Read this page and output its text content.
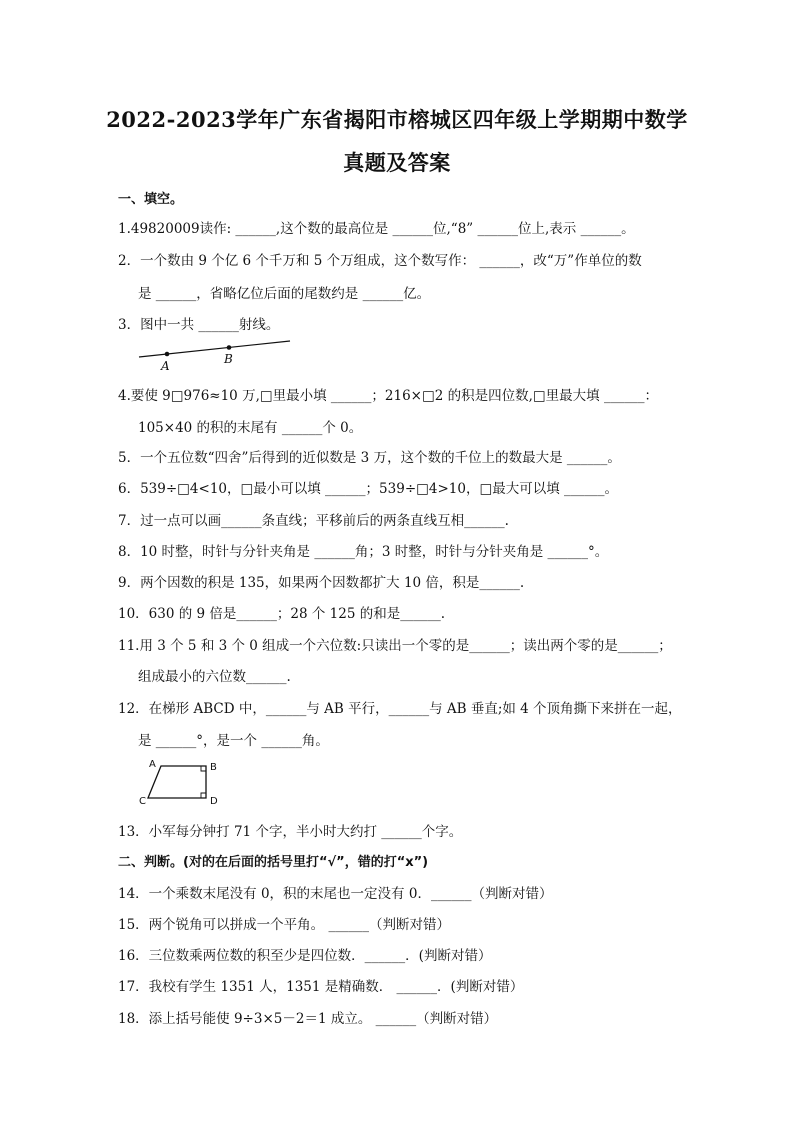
2022-2023学年广东省揭阳市榕城区四年级上学期期中数学
真题及答案
一、填空。
1.49820009读作: ______,这个数的最高位是 ______位,“8” ______位上,表示 ______。
2．一个数由 9 个亿 6 个千万和 5 个万组成，这个数写作： ______，改“万”作单位的数
是 ______，省略亿位后面的尾数约是 ______亿。
3．图中一共 ______射线。
A	B
4.要使 9□976≈10 万,□里最小填 ______；216×□2 的积是四位数,□里最大填 ______：
105×40 的积的末尾有 ______个 0。
5．一个五位数“四舍”后得到的近似数是 3 万，这个数的千位上的数最大是 ______。
6．539÷□4<10，□最小可以填 ______；539÷□4>10，□最大可以填 ______。
7．过一点可以画______条直线；平移前后的两条直线互相______.
8．10 时整，时针与分针夹角是 ______角；3 时整，时针与分针夹角是 ______°。
9．两个因数的积是 135，如果两个因数都扩大 10 倍，积是______.
10．630 的 9 倍是______；28 个 125 的和是______.
11.用 3 个 5 和 3 个 0 组成一个六位数:只读出一个零的是______；读出两个零的是______；
组成最小的六位数______.
12．在梯形 ABCD 中，______与 AB 平行，______与 AB 垂直;如 4 个顶角撕下来拼在一起，
是 ______°，是一个 ______角。
A	B
C	D
13．小军每分钟打 71 个字，半小时大约打 ______个字。
二、判断。(对的在后面的括号里打“√”，错的打“x”)
14．一个乘数末尾没有 0，积的末尾也一定没有 0．______（判断对错）
15．两个锐角可以拼成一个平角。 ______（判断对错）
16．三位数乘两位数的积至少是四位数．______．(判断对错）
17．我校有学生 1351 人，1351 是精确数． ______．(判断对错）
18．添上括号能使 9÷3×5－2＝1 成立。 ______（判断对错）
